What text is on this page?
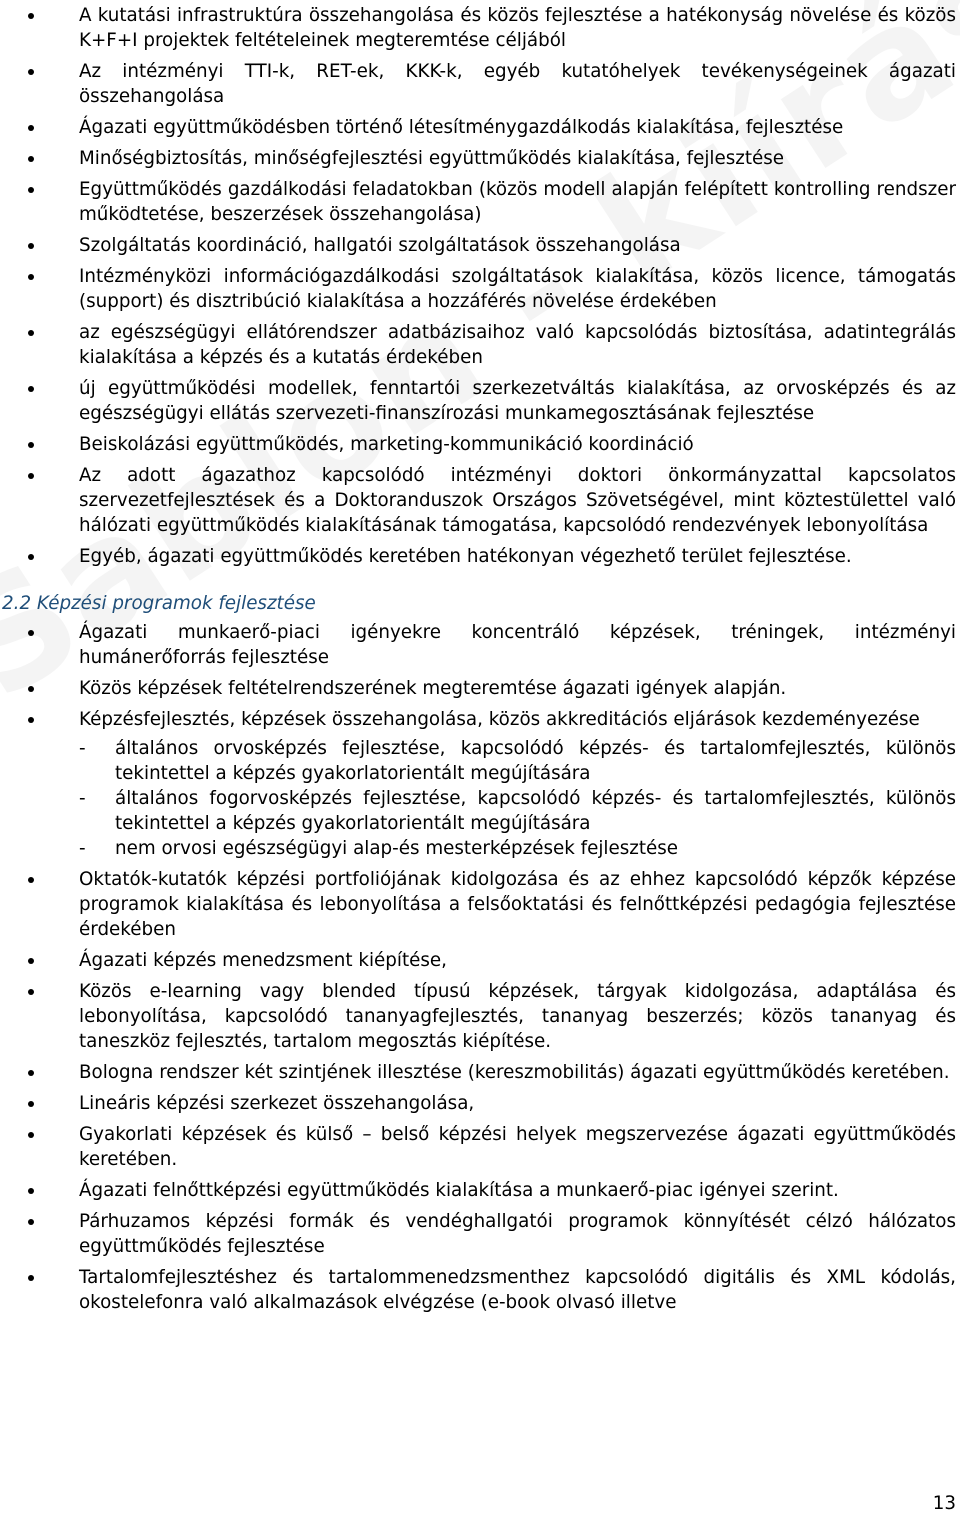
A kutatási infrastruktúra összehangolása és közös fejlesztése a hatékonyság növelése és közös K+F+I projektek feltételeinek megteremtése céljából
Az intézményi TTI-k, RET-ek, KKK-k, egyéb kutatóhelyek tevékenységeinek ágazati összehangolása
Ágazati együttműködésben történő létesítménygazdálkodás kialakítása, fejlesztése
Minőségbiztosítás, minőségfejlesztési együttműködés kialakítása, fejlesztése
Együttműködés gazdálkodási feladatokban (közös modell alapján felépített kontrolling rendszer működtetése, beszerzések összehangolása)
Szolgáltatás koordináció, hallgatói szolgáltatások összehangolása
Intézményközi információgazdálkodási szolgáltatások kialakítása, közös licence, támogatás (support) és disztribúció kialakítása a hozzáférés növelése érdekében
az egészségügyi ellátórendszer adatbázisaihoz való kapcsolódás biztosítása, adatintegrálás kialakítása a képzés és a kutatás érdekében
új együttműködési modellek, fenntartói szerkezetváltás kialakítása, az orvosképzés és az egészségügyi ellátás szervezeti-finanszírozási munkamegosztásának fejlesztése
Beiskolázási együttműködés, marketing-kommunikáció koordináció
Az adott ágazathoz kapcsolódó intézményi doktori önkormányzattal kapcsolatos szervezetfejlesztések és a Doktoranduszok Országos Szövetségével, mint köztestülettel való hálózati együttműködés kialakításának támogatása, kapcsolódó rendezvények lebonyolítása
Egyéb, ágazati együttműködés keretében hatékonyan végezhető terület fejlesztése.
2.2 Képzési programok fejlesztése
Ágazati munkaerő-piaci igényekre koncentráló képzések, tréningek, intézményi humánerőforrás fejlesztése
Közös képzések feltételrendszerének megteremtése ágazati igények alapján.
Képzésfejlesztés, képzések összehangolása, közös akkreditációs eljárások kezdeményezése
- általános orvosképzés fejlesztése, kapcsolódó képzés- és tartalomfejlesztés, különös tekintettel a képzés gyakorlatorientált megújítására
- általános fogorvosképzés fejlesztése, kapcsolódó képzés- és tartalomfejlesztés, különös tekintettel a képzés gyakorlatorientált megújítására
- nem orvosi egészségügyi alap-és mesterképzések fejlesztése
Oktatók-kutatók képzési portfoliójának kidolgozása és az ehhez kapcsolódó képzők képzése programok kialakítása és lebonyolítása a felsőoktatási és felnőttképzési pedagógia fejlesztése érdekében
Ágazati képzés menedzsment kiépítése,
Közös e-learning vagy blended típusú képzések, tárgyak kidolgozása, adaptálása és lebonyolítása, kapcsolódó tananyagfejlesztés, tananyag beszerzés; közös tananyag és taneszköz fejlesztés, tartalom megosztás kiépítése.
Bologna rendszer két szintjének illesztése (kereszmobilitás) ágazati együttműködés keretében.
Lineáris képzési szerkezet összehangolása,
Gyakorlati képzések és külső – belső képzési helyek megszervezése ágazati együttműködés keretében.
Ágazati felnőttképzési együttműködés kialakítása a munkaerő-piac igényei szerint.
Párhuzamos képzési formák és vendéghallgatói programok könnyítését célzó hálózatos együttműködés fejlesztése
Tartalomfejlesztéshez és tartalommenedzsmenthez kapcsolódó digitális és XML kódolás, okostelefonra való alkalmazások elvégzése (e-book olvasó illetve
13
